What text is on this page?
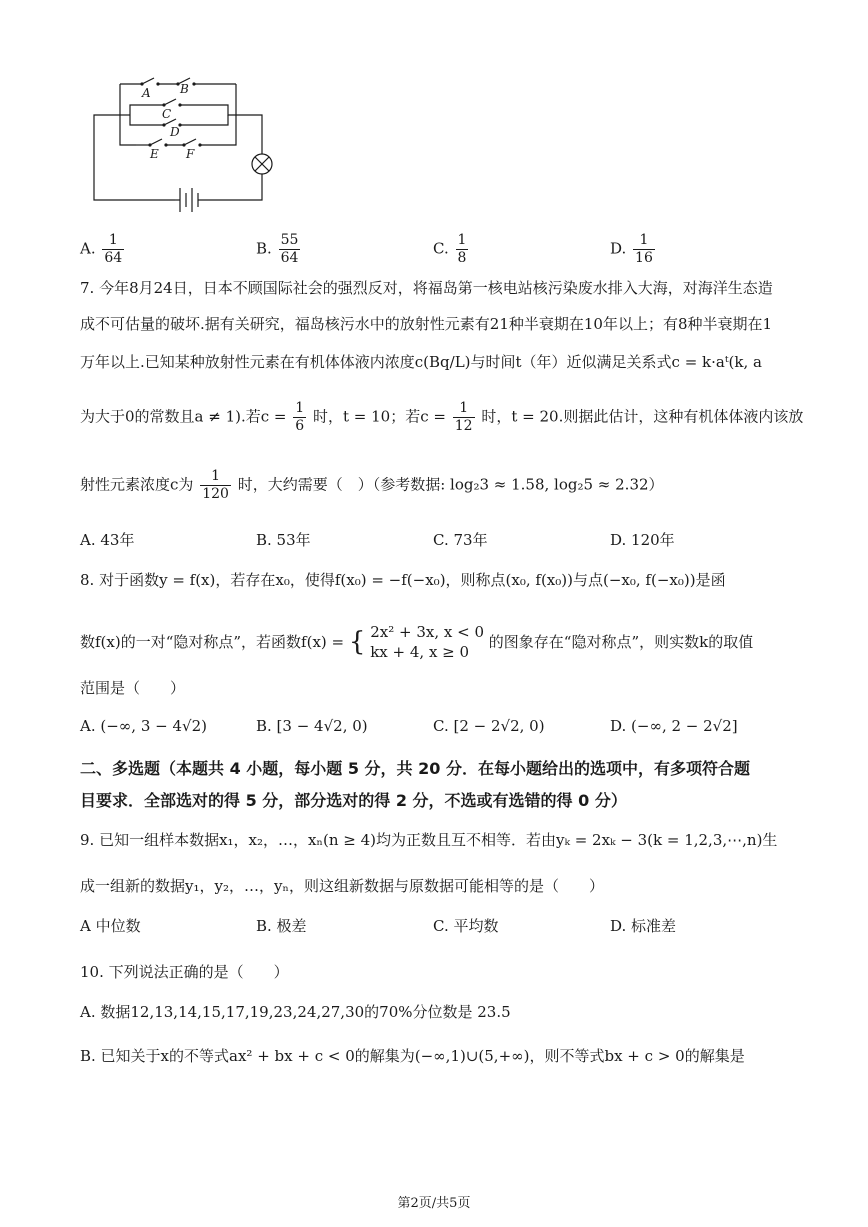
A B
C
D
E F
A. $\frac{1}{64}$	B. $\frac{55}{64}$	C. $\frac{1}{8}$	D. $\frac{1}{16}$
7. 今年8月24日，日本不顾国际社会的强烈反对，将福岛第一核电站核污染废水排入大海，对海洋生态造
成不可估量的破坏.据有关研究，福岛核污水中的放射性元素有21种半衰期在10年以上；有8种半衰期在1
万年以上.已知某种放射性元素在有机体体液内浓度c(Bq/L)与时间t（年）近似满足关系式c = k·aᵗ(k, a
为大于0的常数且a ≠ 1).若$c = \frac{1}{6}$ 时，t = 10；若$c = \frac{1}{12}$ 时，t = 20.则据此估计，这种有机体体液内该放
射性元素浓度c为 $\frac{1}{120}$ 时，大约需要（　）（参考数据: log₂3 ≈ 1.58, log₂5 ≈ 2.32）
A. 43年	B. 53年	C. 73年	D. 120年
8. 对于函数y = f(x)，若存在x₀，使得f(x₀) = −f(−x₀)，则称点(x₀, f(x₀))与点(−x₀, f(−x₀))是函
数f(x)的一对“隐对称点”，若函数f(x) = { 2x² + 3x, x < 0
kx + 4, x ≥ 0
的图象存在“隐对称点”，则实数k的取值
范围是（　　）
A. (−∞, 3 − 4√2)	B. [3 − 4√2, 0)	C. [2 − 2√2, 0)	D. (−∞, 2 − 2√2]
二、多选题（本题共 4 小题，每小题 5 分，共 20 分．在每小题给出的选项中，有多项符合题
目要求．全部选对的得 5 分，部分选对的得 2 分，不选或有选错的得 0 分）
9. 已知一组样本数据x₁，x₂，…，xₙ(n ≥ 4)均为正数且互不相等．若由yₖ = 2xₖ − 3(k = 1,2,3,⋯,n)生
成一组新的数据y₁，y₂，…，yₙ，则这组新数据与原数据可能相等的是（　　）
A 中位数	B. 极差	C. 平均数	D. 标准差
10. 下列说法正确的是（　　）
A. 数据12,13,14,15,17,19,23,24,27,30的70%分位数是 23.5
B. 已知关于x的不等式ax² + bx + c < 0的解集为(−∞,1)∪(5,+∞)，则不等式bx + c > 0的解集是
第2页/共5页
